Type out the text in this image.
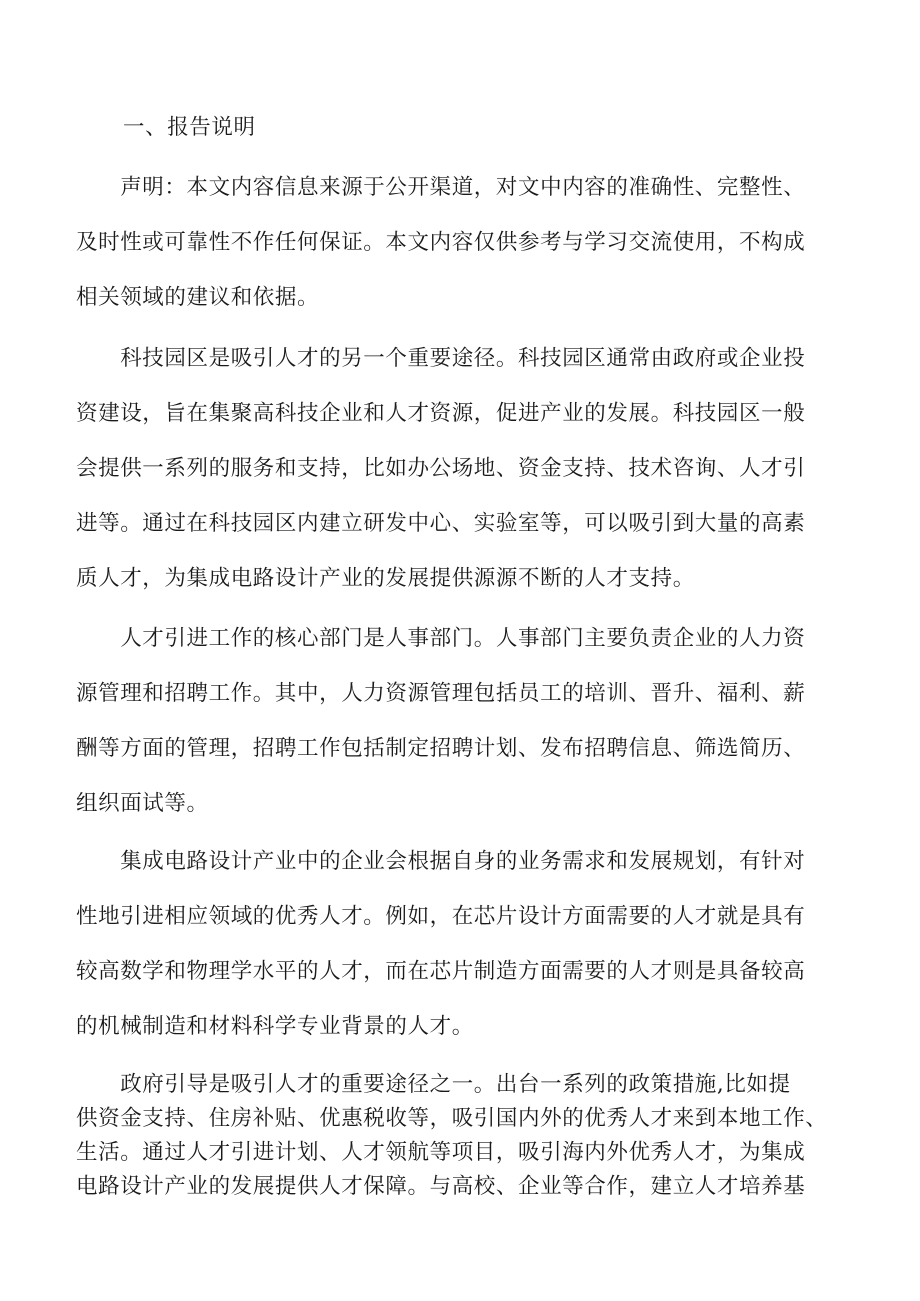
一、报告说明
　　声明：本文内容信息来源于公开渠道，对文中内容的准确性、完整性、
及时性或可靠性不作任何保证。本文内容仅供参考与学习交流使用，不构成
相关领域的建议和依据。
　　科技园区是吸引人才的另一个重要途径。科技园区通常由政府或企业投
资建设，旨在集聚高科技企业和人才资源，促进产业的发展。科技园区一般
会提供一系列的服务和支持，比如办公场地、资金支持、技术咨询、人才引
进等。通过在科技园区内建立研发中心、实验室等，可以吸引到大量的高素
质人才，为集成电路设计产业的发展提供源源不断的人才支持。
　　人才引进工作的核心部门是人事部门。人事部门主要负责企业的人力资
源管理和招聘工作。其中，人力资源管理包括员工的培训、晋升、福利、薪
酬等方面的管理，招聘工作包括制定招聘计划、发布招聘信息、筛选简历、
组织面试等。
　　集成电路设计产业中的企业会根据自身的业务需求和发展规划，有针对
性地引进相应领域的优秀人才。例如，在芯片设计方面需要的人才就是具有
较高数学和物理学水平的人才，而在芯片制造方面需要的人才则是具备较高
的机械制造和材料科学专业背景的人才。
　　政府引导是吸引人才的重要途径之一。出台一系列的政策措施,比如提
供资金支持、住房补贴、优惠税收等，吸引国内外的优秀人才来到本地工作、
生活。通过人才引进计划、人才领航等项目，吸引海内外优秀人才，为集成
电路设计产业的发展提供人才保障。与高校、企业等合作，建立人才培养基
